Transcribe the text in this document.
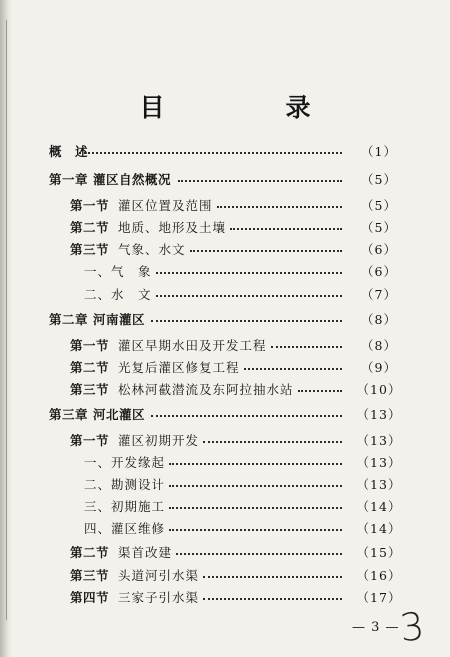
目　录
概　述	（1）
第一章 灌区自然概况	（5）
第一节 灌区位置及范围	（5）
第二节 地质、地形及土壤	（5）
第三节 气象、水文	（6）
一、气　象	（6）
二、水　文	（7）
第二章 河南灌区	（8）
第一节 灌区早期水田及开发工程	（8）
第二节 光复后灌区修复工程	（9）
第三节 松林河截潜流及东阿拉抽水站	（10）
第三章 河北灌区	（13）
第一节 灌区初期开发	（13）
一、开发缘起	（13）
二、勘测设计	（13）
三、初期施工	（14）
四、灌区维修	（14）
第二节 渠首改建	（15）
第三节 头道河引水渠	（16）
第四节 三家子引水渠	（17）
— 3 —
3
